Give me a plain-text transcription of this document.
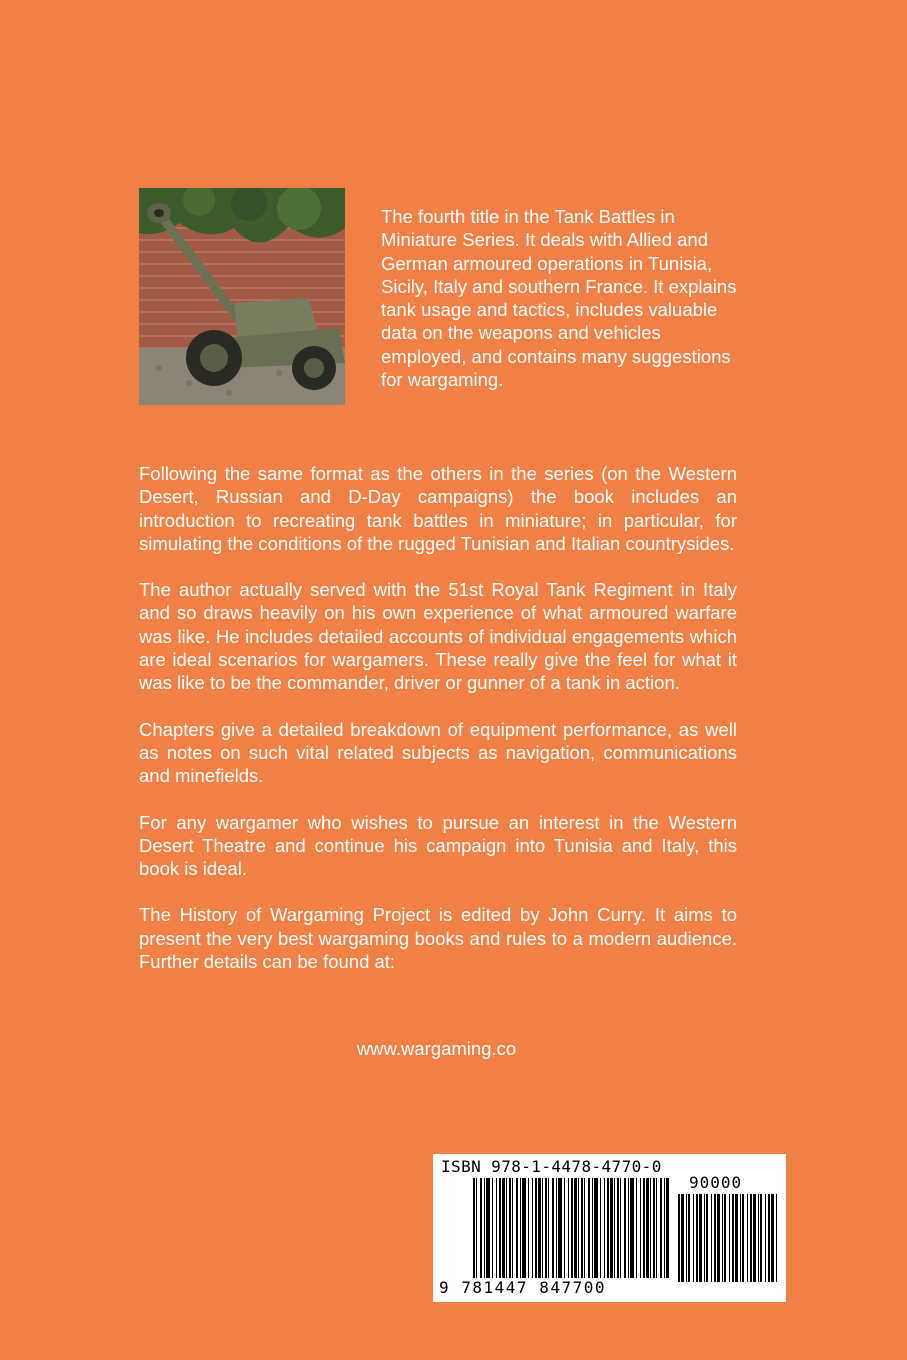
The fourth title in the Tank Battles in Miniature Series. It deals with Allied and German armoured operations in Tunisia, Sicily, Italy and southern France. It explains tank usage and tactics, includes valuable data on the weapons and vehicles employed, and contains many suggestions for wargaming.

Following the same format as the others in the series (on the Western Desert, Russian and D-Day campaigns) the book includes an introduction to recreating tank battles in miniature; in particular, for simulating the conditions of the rugged Tunisian and Italian countrysides.

The author actually served with the 51st Royal Tank Regiment in Italy and so draws heavily on his own experience of what armoured warfare was like. He includes detailed accounts of individual engagements which are ideal scenarios for wargamers. These really give the feel for what it was like to be the commander, driver or gunner of a tank in action.

Chapters give a detailed breakdown of equipment performance, as well as notes on such vital related subjects as navigation, communications and minefields.

For any wargamer who wishes to pursue an interest in the Western Desert Theatre and continue his campaign into Tunisia and Italy, this book is ideal.

The History of Wargaming Project is edited by John Curry. It aims to present the very best wargaming books and rules to a modern audience. Further details can be found at:

www.wargaming.co

ISBN 978-1-4478-4770-0

90000

9 781447 847700
